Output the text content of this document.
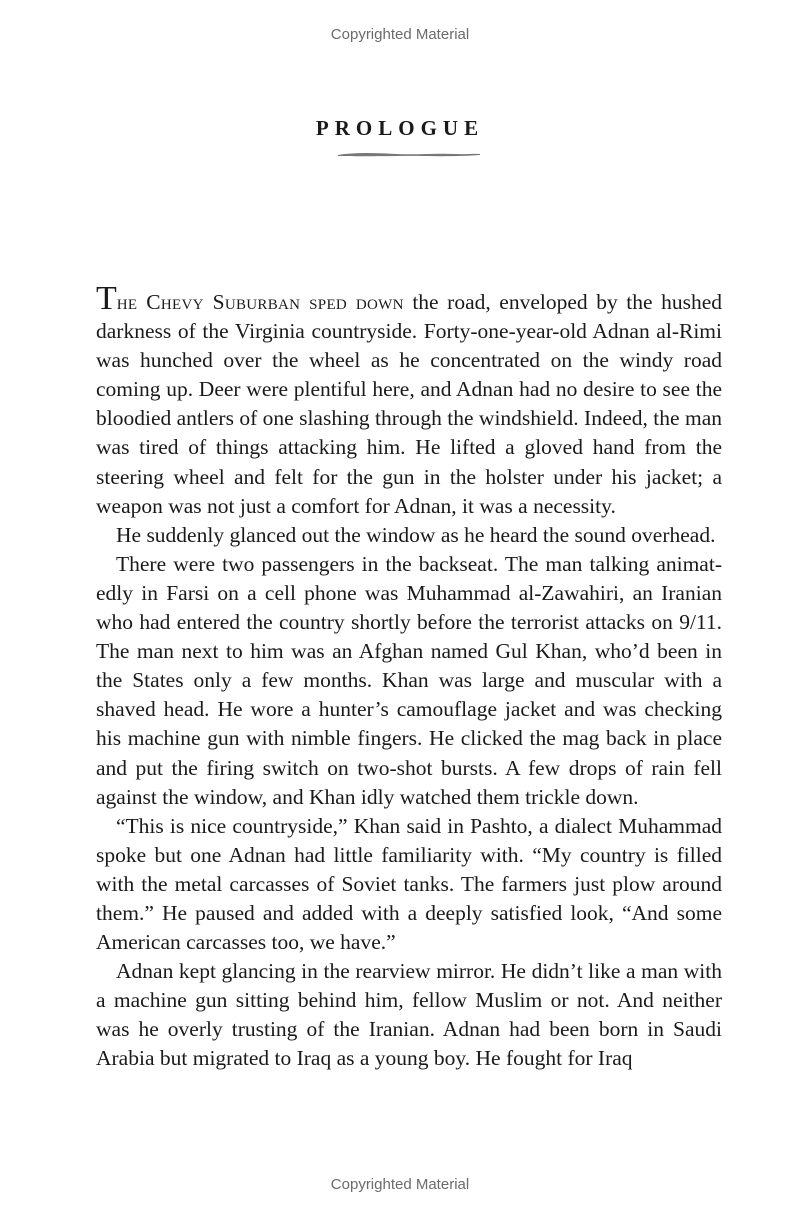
Copyrighted Material
PROLOGUE

The Chevy Suburban sped down the road, enveloped by the hushed darkness of the Virginia countryside. Forty-one-year-old Adnan al-Rimi was hunched over the wheel as he concentrated on the windy road coming up. Deer were plentiful here, and Adnan had no desire to see the bloodied antlers of one slashing through the windshield. Indeed, the man was tired of things attacking him. He lifted a gloved hand from the steering wheel and felt for the gun in the holster under his jacket; a weapon was not just a comfort for Adnan, it was a necessity.

He suddenly glanced out the window as he heard the sound overhead.

There were two passengers in the backseat. The man talking animatedly in Farsi on a cell phone was Muhammad al-Zawahiri, an Iranian who had entered the country shortly before the terrorist attacks on 9/11. The man next to him was an Afghan named Gul Khan, who’d been in the States only a few months. Khan was large and muscular with a shaved head. He wore a hunter’s camouflage jacket and was checking his machine gun with nimble fingers. He clicked the mag back in place and put the firing switch on two-shot bursts. A few drops of rain fell against the window, and Khan idly watched them trickle down.

“This is nice countryside,” Khan said in Pashto, a dialect Muhammad spoke but one Adnan had little familiarity with. “My country is filled with the metal carcasses of Soviet tanks. The farmers just plow around them.” He paused and added with a deeply satisfied look, “And some American carcasses too, we have.”

Adnan kept glancing in the rearview mirror. He didn’t like a man with a machine gun sitting behind him, fellow Muslim or not. And neither was he overly trusting of the Iranian. Adnan had been born in Saudi Arabia but migrated to Iraq as a young boy. He fought for Iraq

Copyrighted Material
